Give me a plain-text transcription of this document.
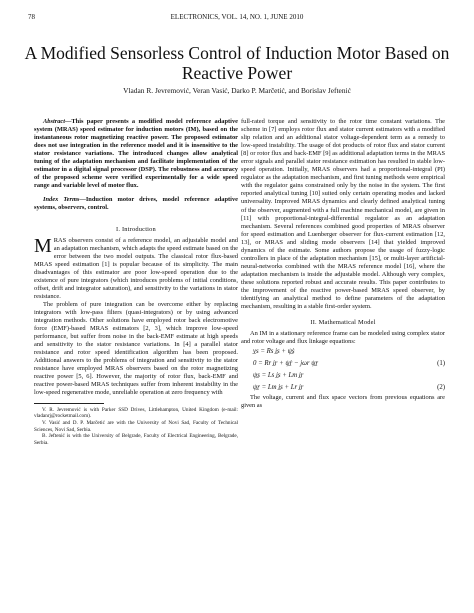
78	ELECTRONICS, VOL. 14, NO. 1, JUNE 2010
A Modified Sensorless Control of Induction Motor Based on Reactive Power
Vladan R. Jevremović, Veran Vasić, Darko P. Marčetić, and Borislav Jeftenić

Abstract—This paper presents a modified model reference adaptive system (MRAS) speed estimator for induction motors (IM), based on the instantaneous rotor magnetizing reactive power. The proposed estimator does not use integration in the reference model and it is insensitive to the stator resistance variations. The introduced changes allow analytical tuning of the adaptation mechanism and facilitate implementation of the estimator in a digital signal processor (DSP). The robustness and accuracy of the proposed scheme were verified experimentally for a wide speed range and variable level of motor flux.

Index Terms—Induction motor drives, model reference adaptive systems, observers, control.

I. Introduction

MRAS observers consist of a reference model, an adjustable model and an adaptation mechanism, which adapts the speed estimate based on the error between the two model outputs. The classical rotor flux-based MRAS speed estimation [1] is popular because of its simplicity. The main disadvantages of this estimator are poor low-speed operation due to the existence of pure integrators (which introduces problems of initial conditions, offset, drift and integrator saturation), and sensitivity to the variations in stator resistance.

The problem of pure integration can be overcome either by replacing integrators with low-pass filters (quasi-integrators) or by using advanced integration methods. Other solutions have employed rotor back electromotive force (EMF)-based MRAS estimators [2, 3], which improve low-speed performance, but suffer from noise in the back-EMF estimate at high speeds and sensitivity to the stator resistance variations. In [4] a parallel stator resistance and rotor speed identification algorithm has been proposed. Additional answers to the problems of integration and sensitivity to the stator resistance have employed MRAS observers based on the rotor magnetizing reactive power [5, 6]. However, the majority of rotor flux, back-EMF and reactive power-based MRAS techniques suffer from inherent instability in the low-speed regenerative mode, unreliable operation at zero frequency with

V. R. Jevremović is with Parker SSD Drives, Littlehampton, United Kingdom (e-mail: vladanrj@rocketmail.com).

V. Vasić and D. P. Marčetić are with the University of Novi Sad, Faculty of Technical Sciences, Novi Sad, Serbia.

B. Jeftenić is with the University of Belgrade, Faculty of Electrical Engineering, Belgrade, Serbia.

full-rated torque and sensitivity to the rotor time constant variations. The scheme in [7] employs rotor flux and stator current estimators with a modified slip relation and an additional stator voltage-dependent term as a remedy to low-speed instability. The usage of dot products of rotor flux and stator current [8] or rotor flux and back-EMF [9] as additional adaptation terms in the MRAS error signals and parallel stator resistance estimation has resulted in stable low-speed operation. Initially, MRAS observers had a proportional-integral (PI) regulator as the adaptation mechanism, and first tuning methods were empirical with the regulator gains constrained only by the noise in the system. The first reported analytical tuning [10] suited only certain operating modes and lacked universality. Improved MRAS dynamics and clearly defined analytical tuning of the observer, augmented with a full machine mechanical model, are given in [11] with proportional-integral-differential regulator as an adaptation mechanism. Several references combined good properties of MRAS observer for speed estimation and Luenberger observer for flux-current estimation [12, 13], or MRAS and sliding mode observers [14] that yielded improved dynamics of the estimate. Some authors propose the usage of fuzzy-logic controllers in place of the adaptation mechanism [15], or multi-layer artificial-neural-networks combined with the MRAS reference model [16], where the adaptation mechanism is inside the adjustable model. Although very complex, these solutions reported robust and accurate results. This paper contributes to the improvement of the reactive power-based MRAS speed observer, by identifying an analytical method to define parameters of the adaptation mechanism, resulting in a stable first-order system.

II. Mathematical Model

An IM in a stationary reference frame can be modeled using complex stator and rotor voltage and flux linkage equations:

v̲s = Rs i̲s + ψ̲̇s
0 = Rr i̲r + ψ̲̇r − jωr ψ̲r	(1)
ψ̲s = Ls i̲s + Lm i̲r
ψ̲r = Lm i̲s + Lr i̲r	(2)

The voltage, current and flux space vectors from previous equations are given as
